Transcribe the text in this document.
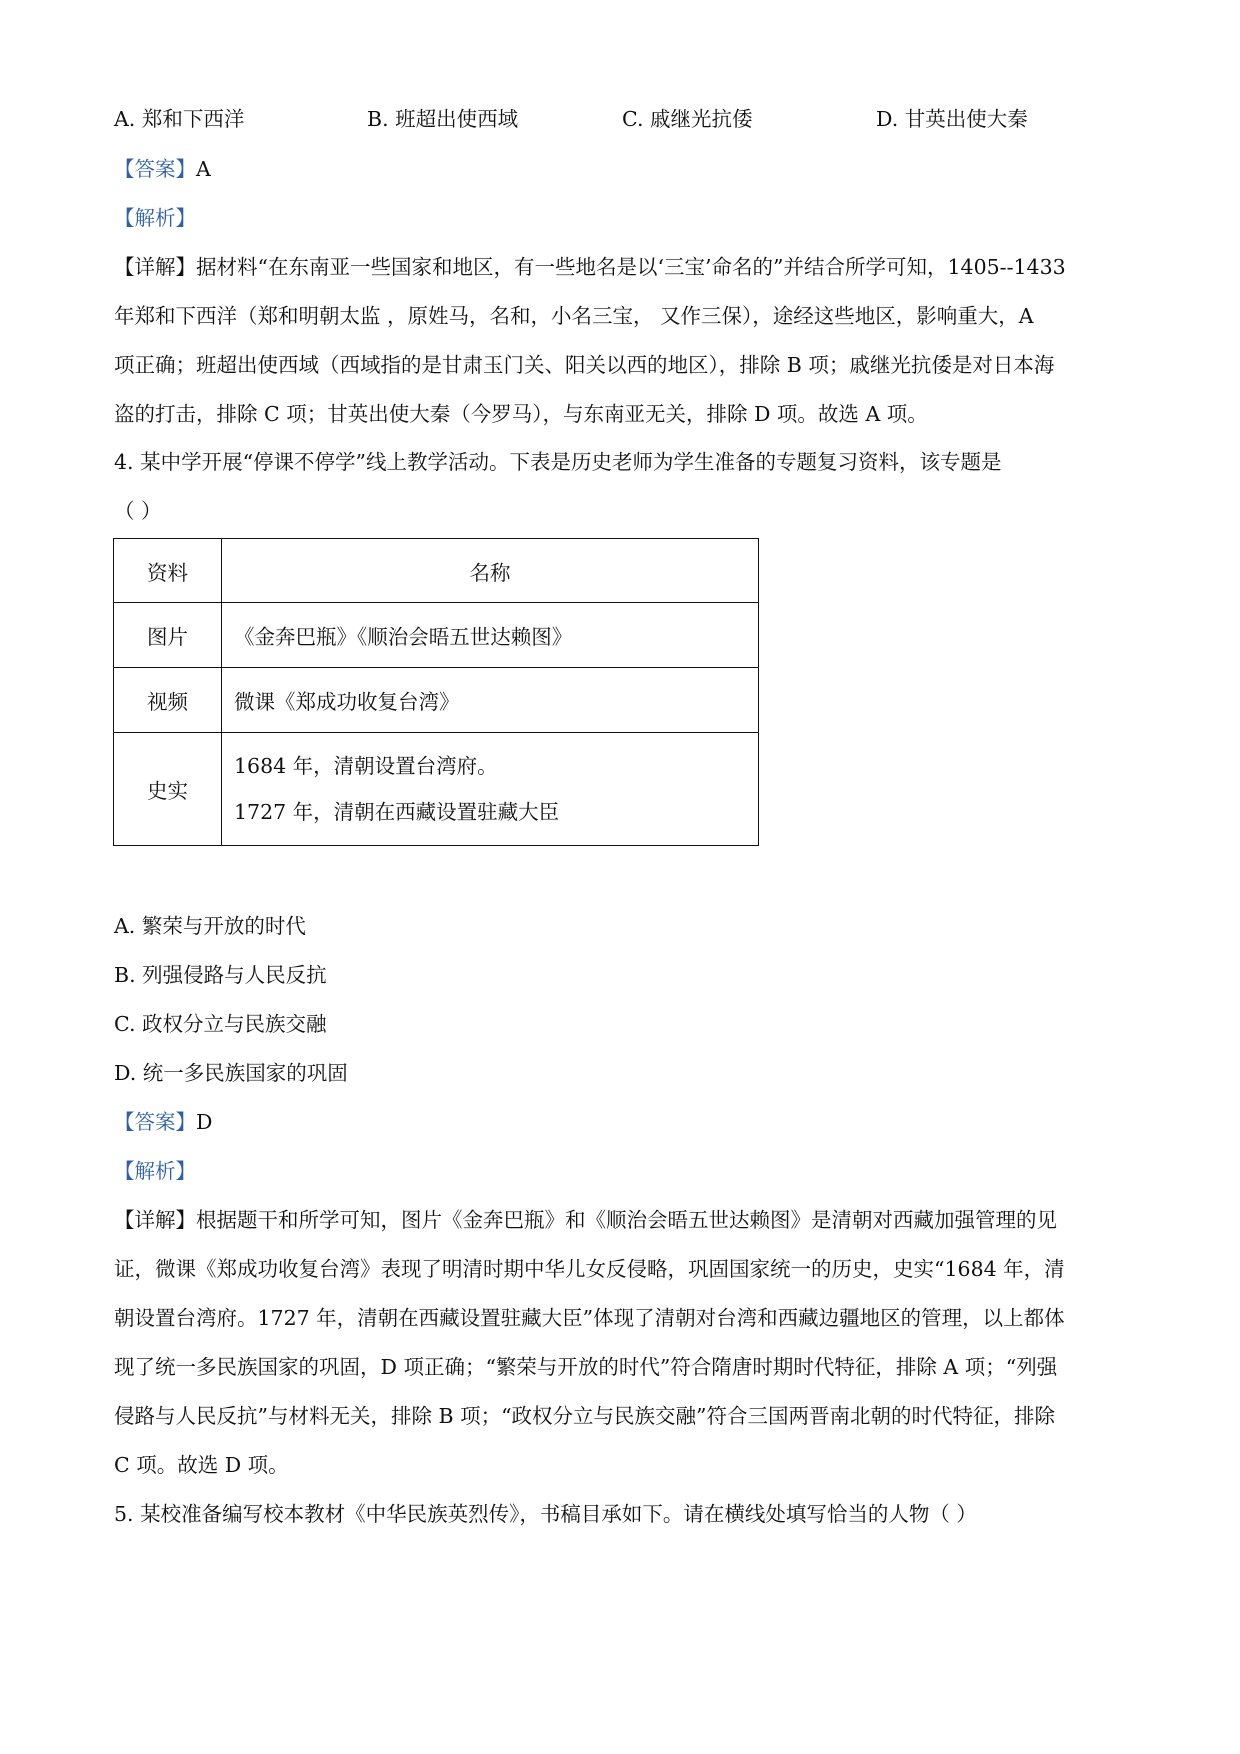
A. 郑和下西洋	B. 班超出使西域	C. 戚继光抗倭	D. 甘英出使大秦
【答案】A
【解析】
【详解】据材料“在东南亚一些国家和地区，有一些地名是以‘三宝’命名的”并结合所学可知，1405--1433
年郑和下西洋（郑和明朝太监 ，原姓马，名和，小名三宝， 又作三保），途经这些地区，影响重大，A
项正确；班超出使西域（西域指的是甘肃玉门关、阳关以西的地区），排除 B 项；戚继光抗倭是对日本海
盗的打击，排除 C 项；甘英出使大秦（今罗马），与东南亚无关，排除 D 项。故选 A 项。
4. 某中学开展“停课不停学”线上教学活动。下表是历史老师为学生准备的专题复习资料，该专题是
（ ）
资料	名称
图片	《金奔巴瓶》《顺治会晤五世达赖图》
视频	微课《郑成功收复台湾》
史实	1684 年，清朝设置台湾府。
1727 年，清朝在西藏设置驻藏大臣
A. 繁荣与开放的时代
B. 列强侵路与人民反抗
C. 政权分立与民族交融
D. 统一多民族国家的巩固
【答案】D
【解析】
【详解】根据题干和所学可知，图片《金奔巴瓶》和《顺治会晤五世达赖图》是清朝对西藏加强管理的见
证，微课《郑成功收复台湾》表现了明清时期中华儿女反侵略，巩固国家统一的历史，史实“1684 年，清
朝设置台湾府。1727 年，清朝在西藏设置驻藏大臣”体现了清朝对台湾和西藏边疆地区的管理，以上都体
现了统一多民族国家的巩固，D 项正确；“繁荣与开放的时代”符合隋唐时期时代特征，排除 A 项；“列强
侵路与人民反抗”与材料无关，排除 B 项；“政权分立与民族交融”符合三国两晋南北朝的时代特征，排除
C 项。故选 D 项。
5. 某校准备编写校本教材《中华民族英烈传》，书稿目承如下。请在横线处填写恰当的人物（ ）
